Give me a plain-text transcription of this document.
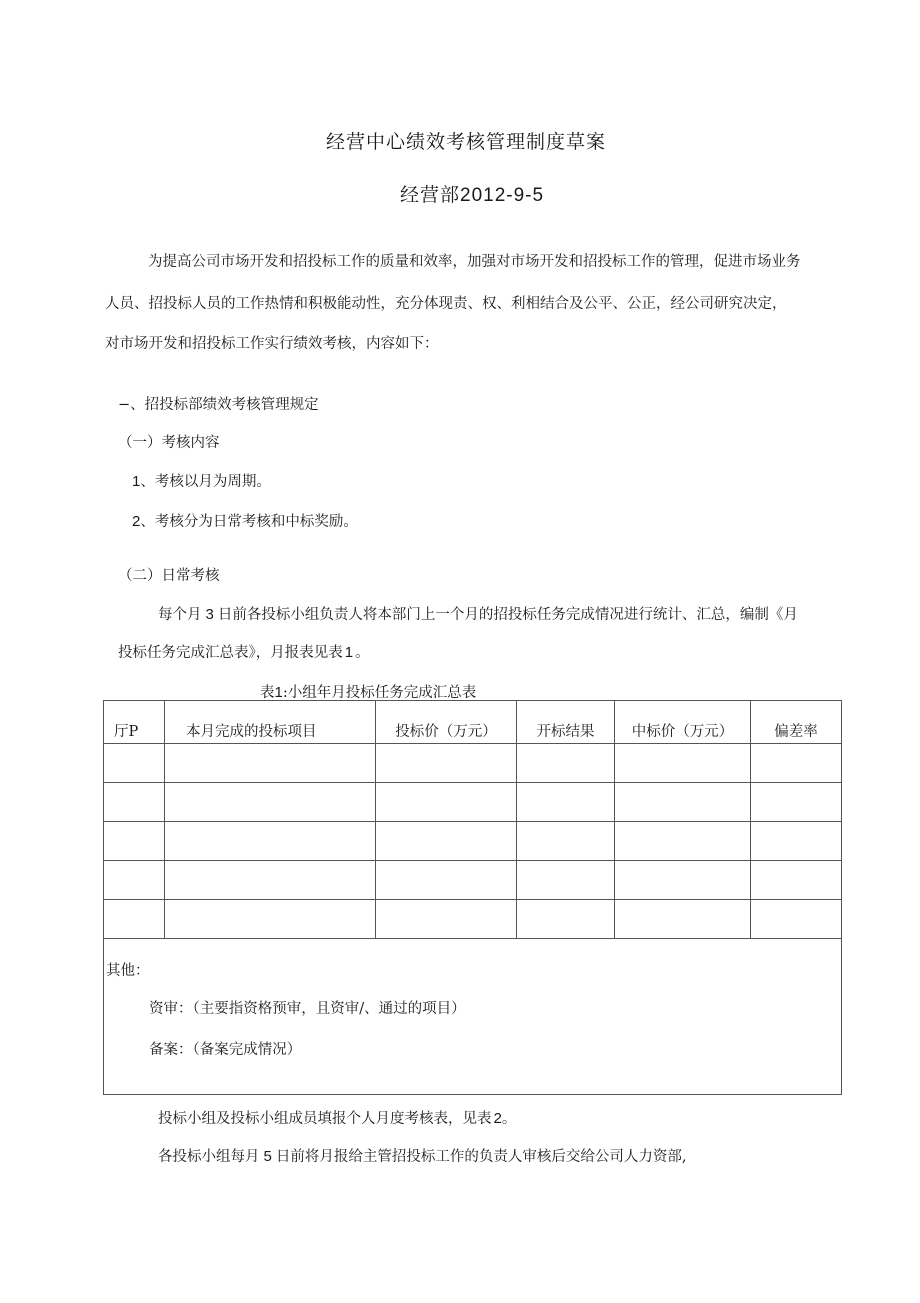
经营中心绩效考核管理制度草案
经营部2012-9-5
为提高公司市场开发和招投标工作的质量和效率，加强对市场开发和招投标工作的管理，促进市场业务
人员、招投标人员的工作热情和积极能动性，充分体现责、权、利相结合及公平、公正，经公司研究决定，
对市场开发和招投标工作实行绩效考核，内容如下：
−、招投标部绩效考核管理规定
（一）考核内容
1、考核以月为周期。
2、考核分为日常考核和中标奖励。
（二）日常考核
每个月 3 日前各投标小组负责人将本部门上一个月的招投标任务完成情况进行统计、汇总，编制《月
投标任务完成汇总表》，月报表见表 1 。
表1:小组年月投标任务完成汇总表
厅P	本月完成的投标项目	投标价（万元）	开标结果	中标价（万元）	偏差率

其他：
资审：（主要指资格预审，且资审/、通过的项目）
备案：（备案完成情况）					
投标小组及投标小组成员填报个人月度考核表，见表 2。
各投标小组每月 5 日前将月报给主管招投标工作的负责人审核后交给公司人力资部,
